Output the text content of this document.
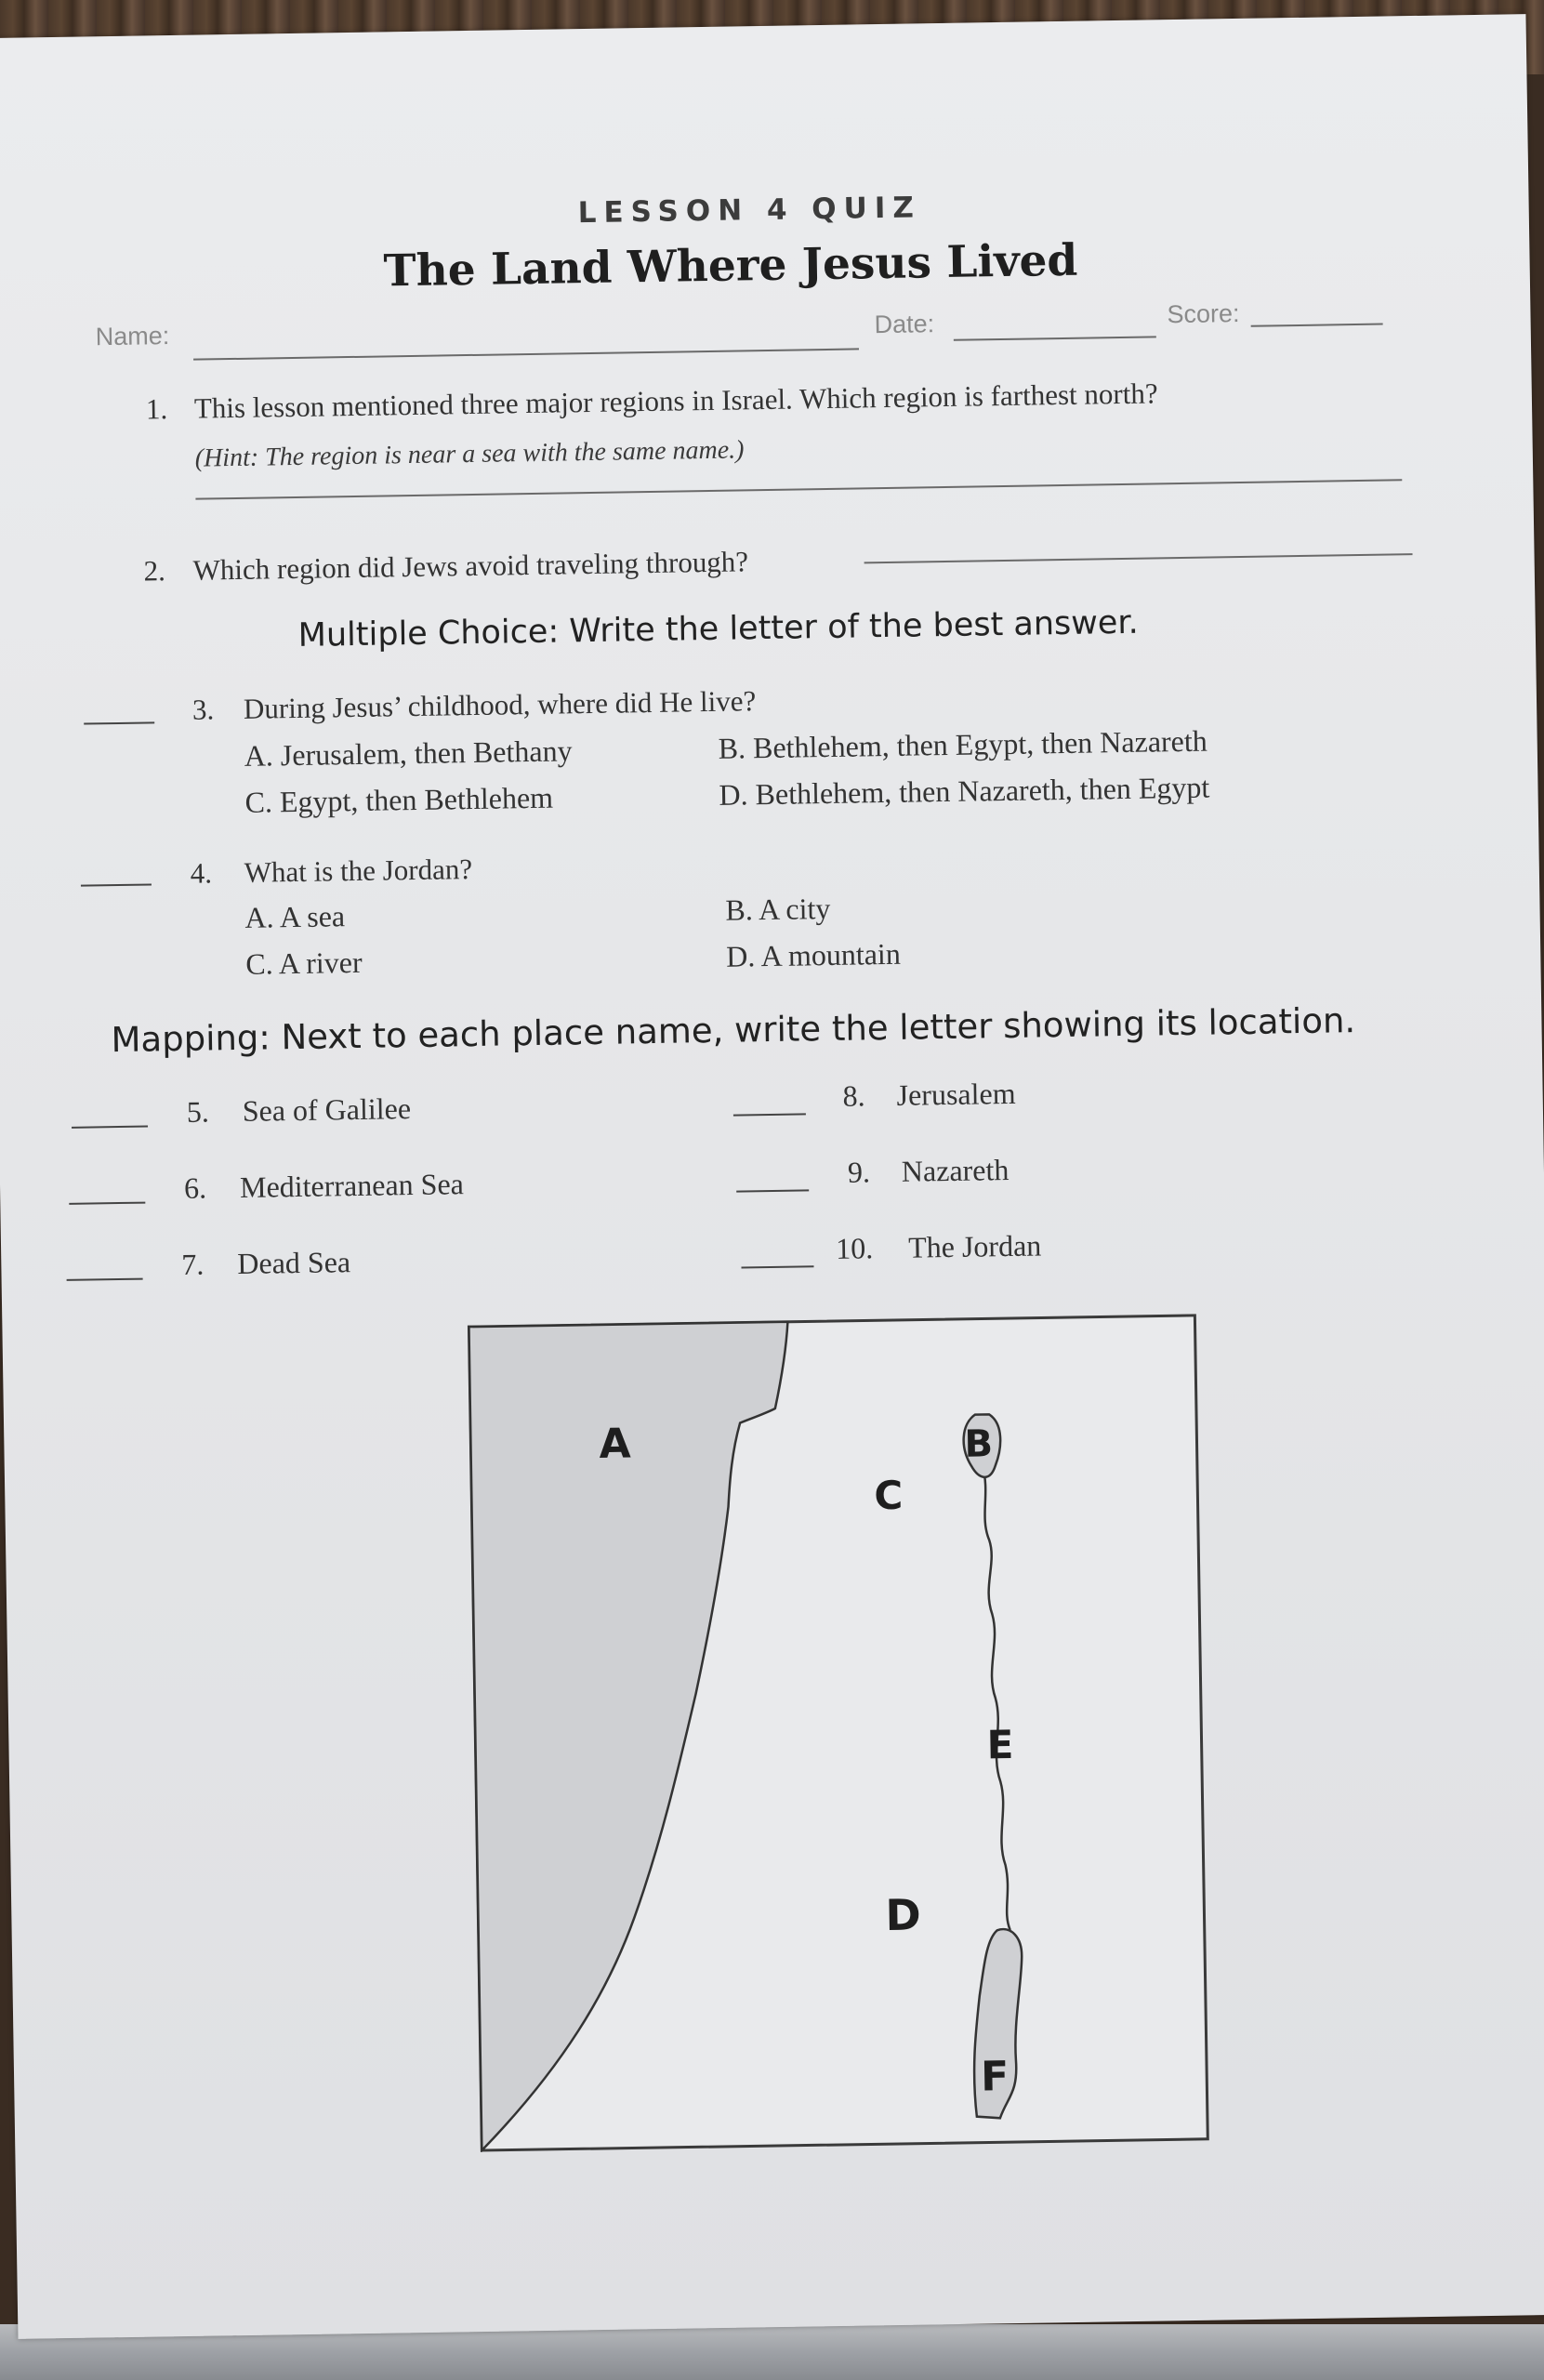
LESSON 4 QUIZ
The Land Where Jesus Lived
Name:	Date:	Score:
1. This lesson mentioned three major regions in Israel. Which region is farthest north?
(Hint: The region is near a sea with the same name.)
2. Which region did Jews avoid traveling through?
Multiple Choice: Write the letter of the best answer.
3. During Jesus’ childhood, where did He live?
A. Jerusalem, then Bethany	B. Bethlehem, then Egypt, then Nazareth
C. Egypt, then Bethlehem	D. Bethlehem, then Nazareth, then Egypt
4. What is the Jordan?
A. A sea	B. A city
C. A river	D. A mountain
Mapping: Next to each place name, write the letter showing its location.
5. Sea of Galilee
6. Mediterranean Sea
7. Dead Sea
8. Jerusalem
9. Nazareth
10. The Jordan
A	B
C
D
E
F
